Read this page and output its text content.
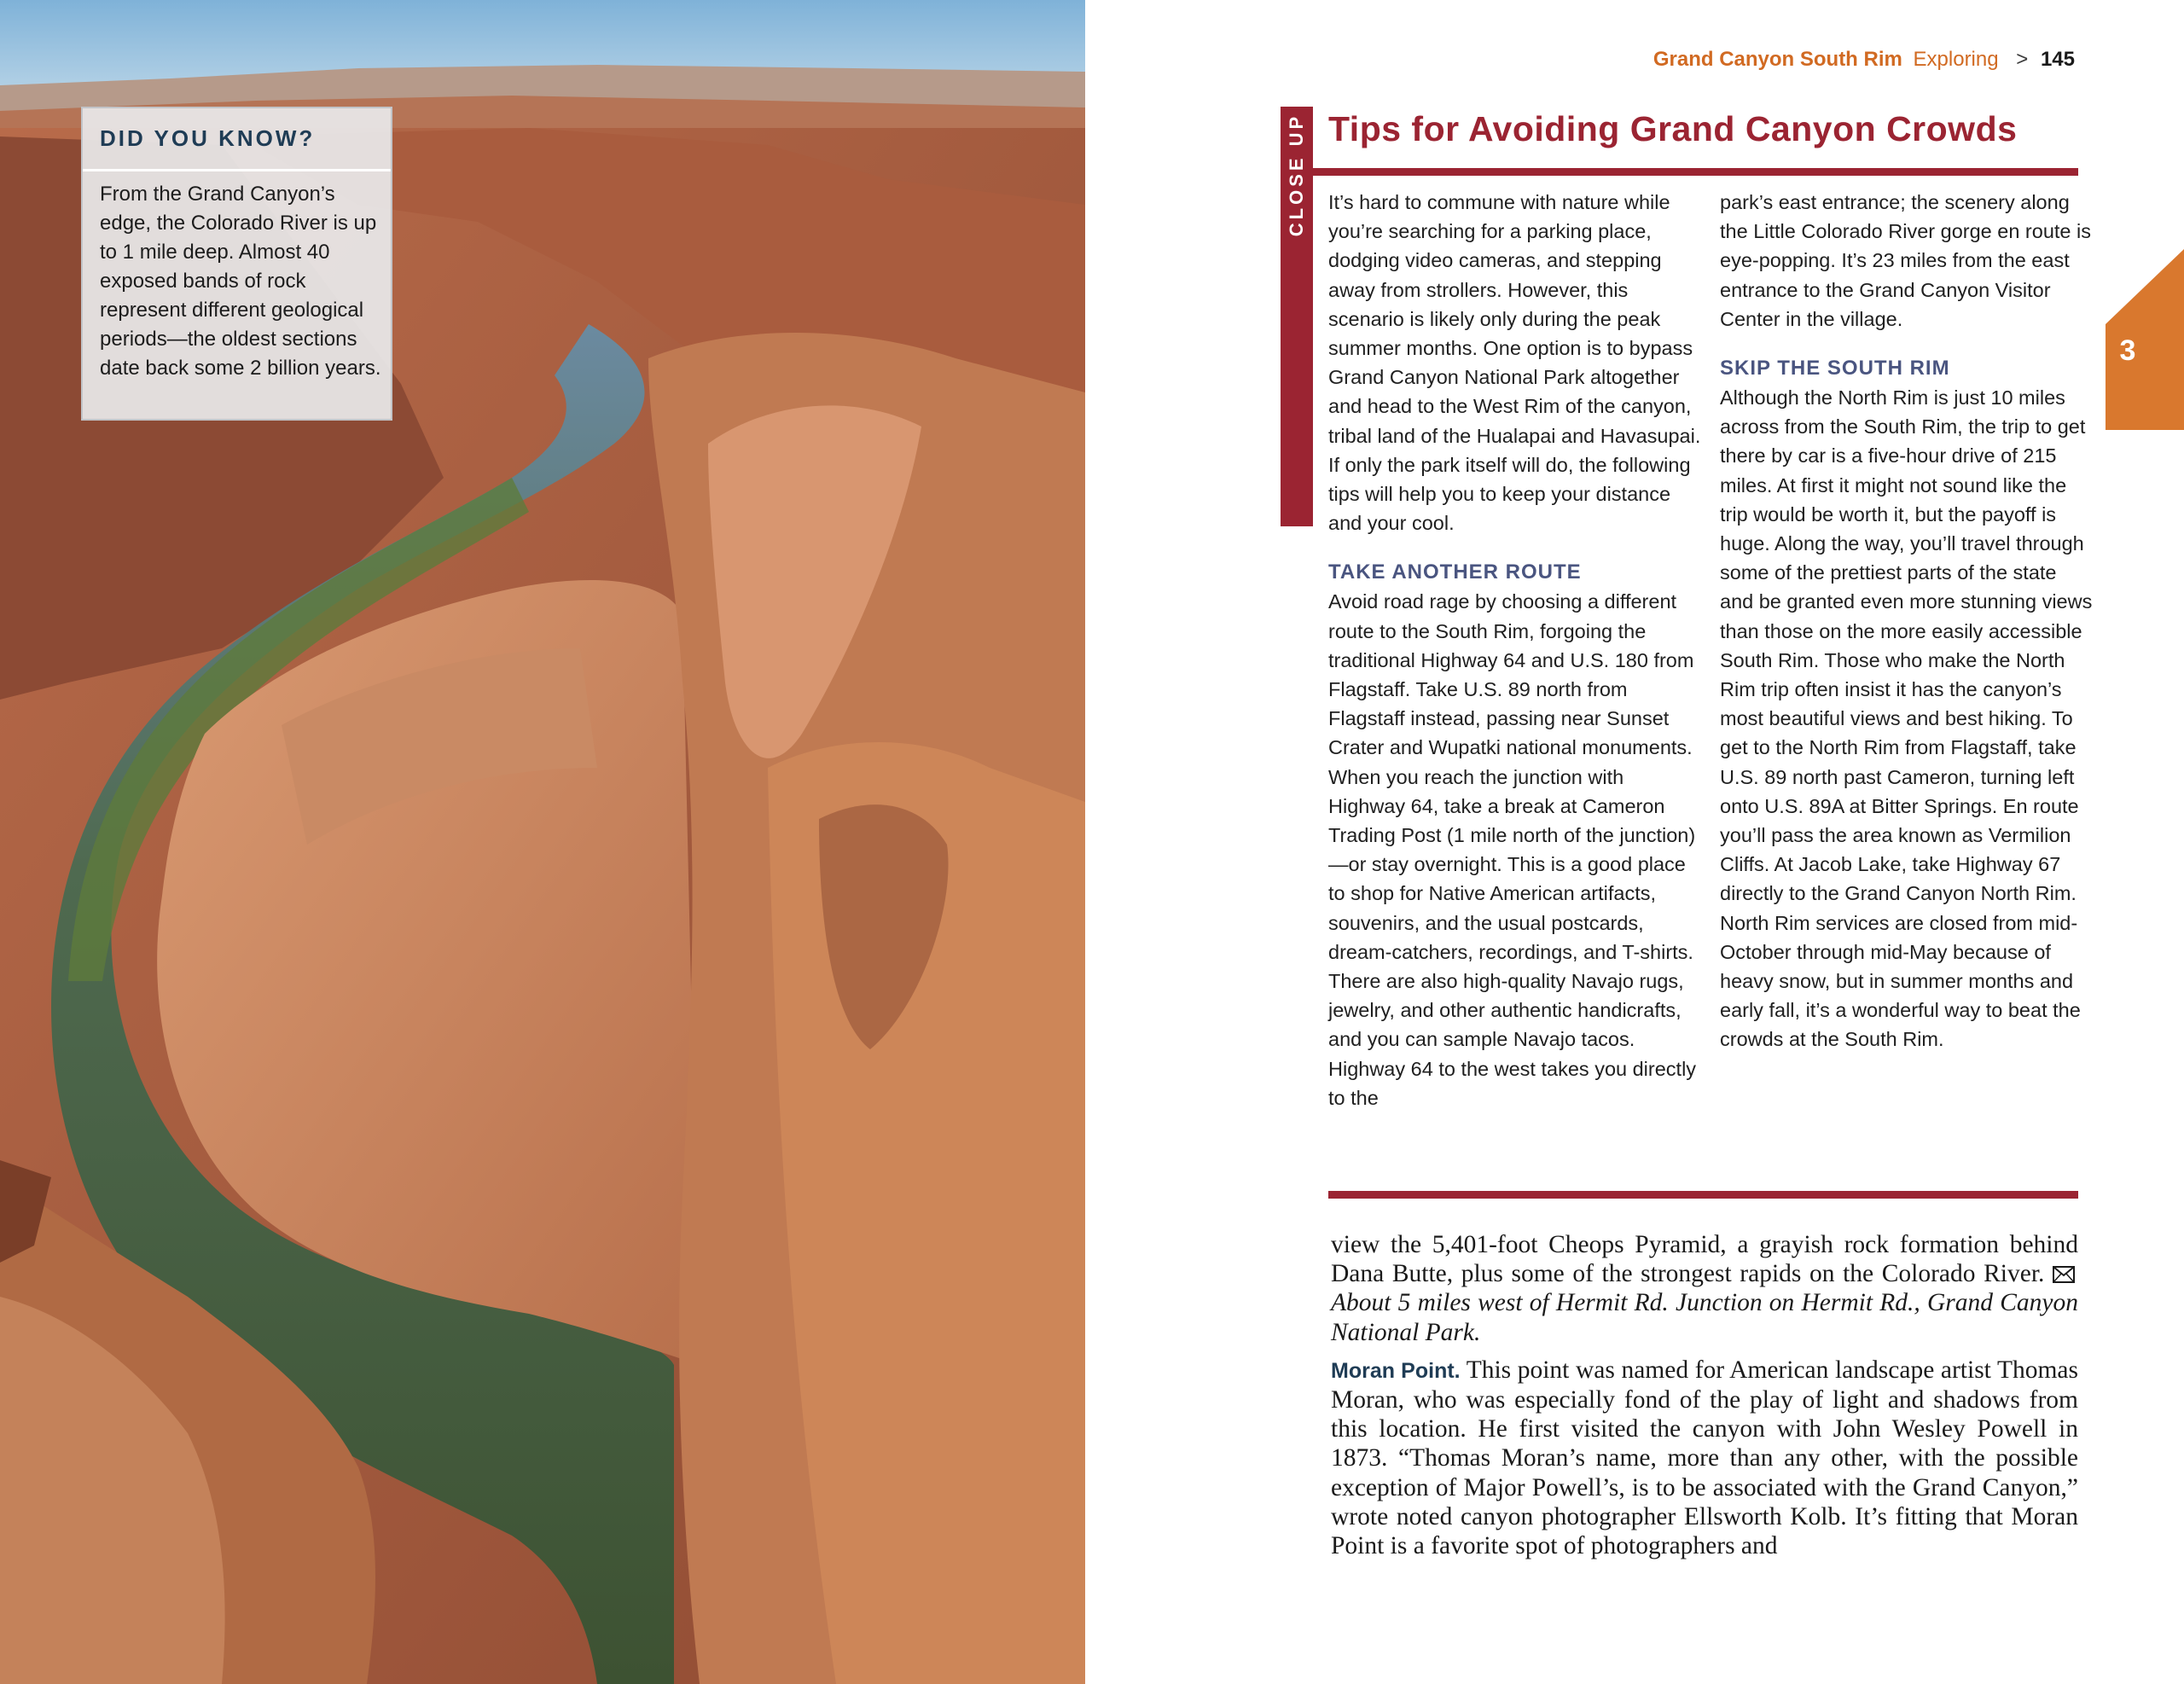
DID YOU KNOW?
From the Grand Canyon’s edge, the Colorado River is up to 1 mile deep. Almost 40 exposed bands of rock represent different geological periods—the oldest sections date back some 2 billion years.
Grand Canyon South Rim Exploring > 145
3
CLOSE UP Tips for Avoiding Grand Canyon Crowds

It’s hard to commune with nature while you’re searching for a parking place, dodging video cameras, and stepping away from strollers. However, this scenario is likely only during the peak summer months. One option is to bypass Grand Canyon National Park altogether and head to the West Rim of the canyon, tribal land of the Hualapai and Havasupai. If only the park itself will do, the following tips will help you to keep your distance and your cool.

TAKE ANOTHER ROUTE

Avoid road rage by choosing a different route to the South Rim, forgoing the traditional Highway 64 and U.S. 180 from Flagstaff. Take U.S. 89 north from Flagstaff instead, passing near Sunset Crater and Wupatki national monuments. When you reach the junction with Highway 64, take a break at Cameron Trading Post (1 mile north of the junction)—or stay overnight. This is a good place to shop for Native American artifacts, souvenirs, and the usual postcards, dream-catchers, recordings, and T-shirts. There are also high-quality Navajo rugs, jewelry, and other authentic handicrafts, and you can sample Navajo tacos. Highway 64 to the west takes you directly to the

park’s east entrance; the scenery along the Little Colorado River gorge en route is eye-popping. It’s 23 miles from the east entrance to the Grand Canyon Visitor Center in the village.

SKIP THE SOUTH RIM

Although the North Rim is just 10 miles across from the South Rim, the trip to get there by car is a five-hour drive of 215 miles. At first it might not sound like the trip would be worth it, but the payoff is huge. Along the way, you’ll travel through some of the prettiest parts of the state and be granted even more stunning views than those on the more easily accessible South Rim. Those who make the North Rim trip often insist it has the canyon’s most beautiful views and best hiking. To get to the North Rim from Flagstaff, take U.S. 89 north past Cameron, turning left onto U.S. 89A at Bitter Springs. En route you’ll pass the area known as Vermilion Cliffs. At Jacob Lake, take Highway 67 directly to the Grand Canyon North Rim. North Rim services are closed from mid-October through mid-May because of heavy snow, but in summer months and early fall, it’s a wonderful way to beat the crowds at the South Rim.

view the 5,401-foot Cheops Pyramid, a grayish rock formation behind Dana Butte, plus some of the strongest rapids on the Colorado River.
About 5 miles west of Hermit Rd. Junction on Hermit Rd., Grand Canyon National Park.

Moran Point. This point was named for American landscape artist Thomas Moran, who was especially fond of the play of light and shadows from this location. He first visited the canyon with John Wesley Powell in 1873. “Thomas Moran’s name, more than any other, with the possible exception of Major Powell’s, is to be associated with the Grand Canyon,” wrote noted canyon photographer Ellsworth Kolb. It’s fitting that Moran Point is a favorite spot of photographers and
